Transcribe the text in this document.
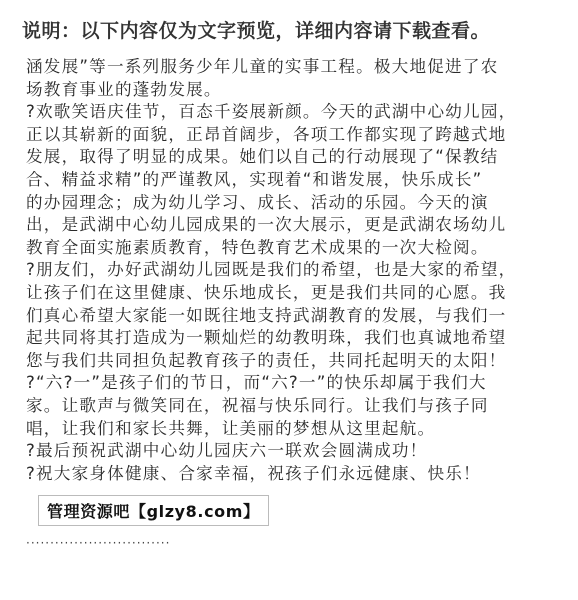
说明：以下内容仅为文字预览，详细内容请下载查看。
涵发展”等一系列服务少年儿童的实事工程。极大地促进了农
场教育事业的蓬勃发展。
?欢歌笑语庆佳节，百态千姿展新颜。今天的武湖中心幼儿园，
正以其崭新的面貌，正昂首阔步，各项工作都实现了跨越式地
发展，取得了明显的成果。她们以自己的行动展现了“保教结
合、精益求精”的严谨教风，实现着“和谐发展，快乐成长”
的办园理念；成为幼儿学习、成长、活动的乐园。今天的演
出，是武湖中心幼儿园成果的一次大展示，更是武湖农场幼儿
教育全面实施素质教育，特色教育艺术成果的一次大检阅。
?朋友们，办好武湖幼儿园既是我们的希望，也是大家的希望，
让孩子们在这里健康、快乐地成长，更是我们共同的心愿。我
们真心希望大家能一如既往地支持武湖教育的发展，与我们一
起共同将其打造成为一颗灿烂的幼教明珠，我们也真诚地希望
您与我们共同担负起教育孩子的责任，共同托起明天的太阳！
?“六?一”是孩子们的节日，而“六?一”的快乐却属于我们大
家。让歌声与微笑同在，祝福与快乐同行。让我们与孩子同
唱，让我们和家长共舞，让美丽的梦想从这里起航。
?最后预祝武湖中心幼儿园庆六一联欢会圆满成功！
?祝大家身体健康、合家幸福，祝孩子们永远健康、快乐！
管理资源吧【glzy8.com】
······························
